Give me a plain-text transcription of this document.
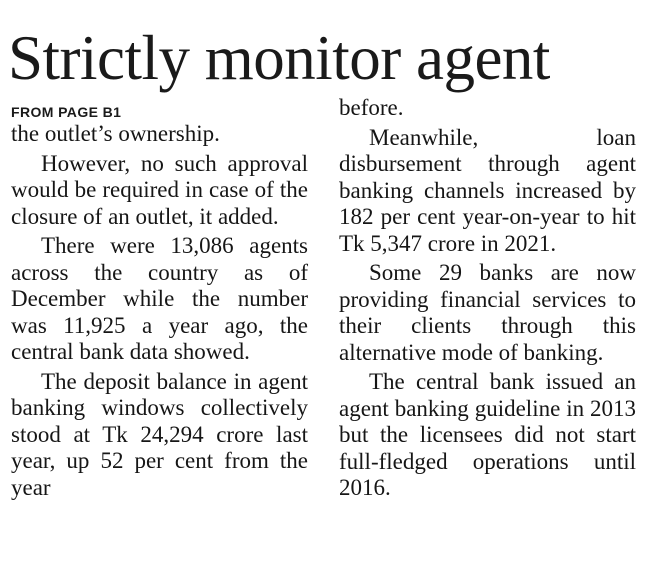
Strictly monitor agent
FROM PAGE B1

the outlet’s ownership.

However, no such approval would be required in case of the closure of an outlet, it added.

There were 13,086 agents across the country as of December while the number was 11,925 a year ago, the central bank data showed.

The deposit balance in agent banking windows collectively stood at Tk 24,294 crore last year, up 52 per cent from the year

before.

Meanwhile, loan disbursement through agent banking channels increased by 182 per cent year-on-year to hit Tk 5,347 crore in 2021.

Some 29 banks are now providing financial services to their clients through this alternative mode of banking.

The central bank issued an agent banking guideline in 2013 but the licensees did not start full-fledged operations until 2016.
